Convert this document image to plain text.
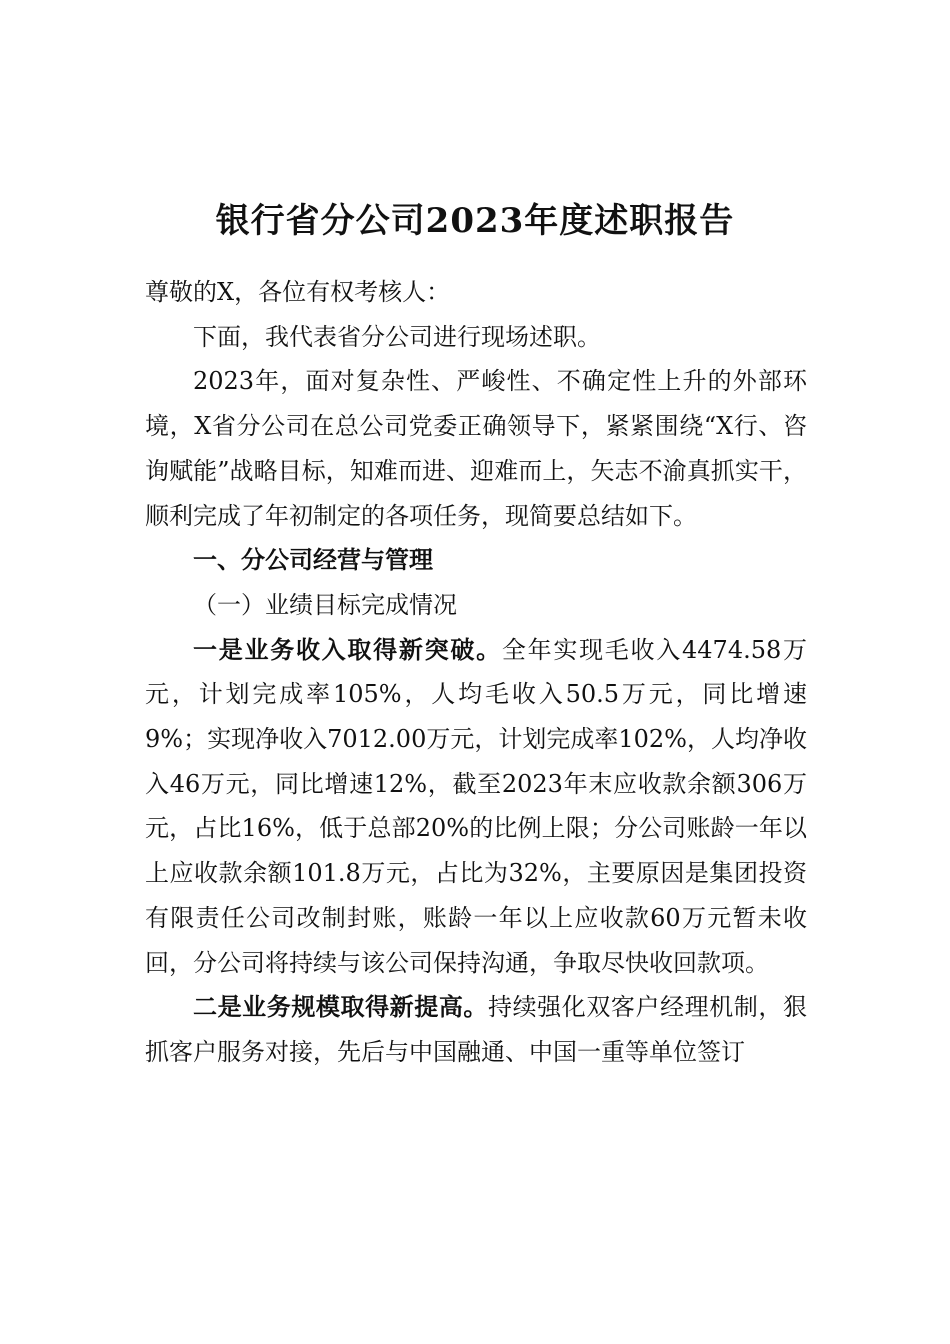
银行省分公司2023年度述职报告

尊敬的X，各位有权考核人：

下面，我代表省分公司进行现场述职。

2023年，面对复杂性、严峻性、不确定性上升的外部环境，X省分公司在总公司党委正确领导下，紧紧围绕“X行、咨询赋能”战略目标，知难而进、迎难而上，矢志不渝真抓实干，顺利完成了年初制定的各项任务，现简要总结如下。

一、分公司经营与管理

（一）业绩目标完成情况

一是业务收入取得新突破。全年实现毛收入4474.58万元，计划完成率105%，人均毛收入50.5万元，同比增速9%；实现净收入7012.00万元，计划完成率102%，人均净收入46万元，同比增速12%，截至2023年末应收款余额306万元，占比16%，低于总部20%的比例上限；分公司账龄一年以上应收款余额101.8万元，占比为32%，主要原因是集团投资有限责任公司改制封账，账龄一年以上应收款60万元暂未收回，分公司将持续与该公司保持沟通，争取尽快收回款项。

二是业务规模取得新提高。持续强化双客户经理机制，狠抓客户服务对接，先后与中国融通、中国一重等单位签订
